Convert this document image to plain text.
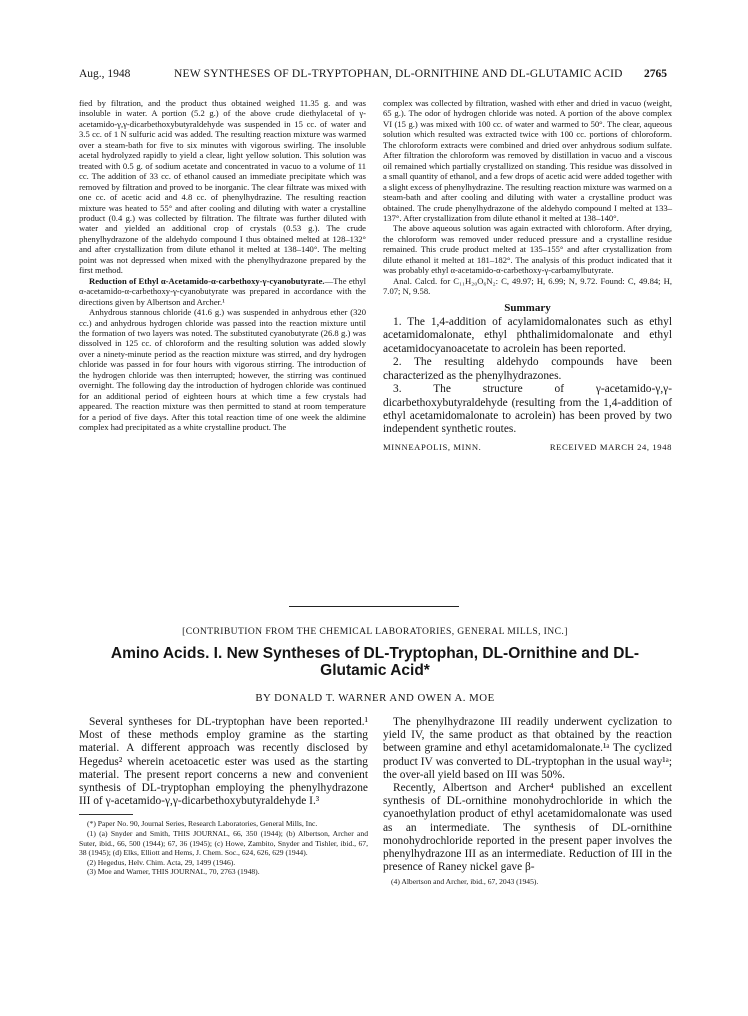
Aug., 1948	NEW SYNTHESES OF DL-TRYPTOPHAN, DL-ORNITHINE AND DL-GLUTAMIC ACID 2765

fied by filtration, and the product thus obtained weighed 11.35 g. and was insoluble in water. A portion (5.2 g.) of the above crude diethylacetal of γ-acetamido-γ,γ-dicarbethoxybutyraldehyde was suspended in 15 cc. of water and 3.5 cc. of 1 N sulfuric acid was added. The resulting reaction mixture was warmed over a steam-bath for five to six minutes with vigorous swirling. The insoluble acetal hydrolyzed rapidly to yield a clear, light yellow solution. This solution was treated with 0.5 g. of sodium acetate and concentrated in vacuo to a volume of 11 cc. The addition of 33 cc. of ethanol caused an immediate precipitate which was removed by filtration and proved to be inorganic. The clear filtrate was mixed with one cc. of acetic acid and 4.8 cc. of phenylhydrazine. The resulting reaction mixture was heated to 55° and after cooling and diluting with water a crystalline product (0.4 g.) was collected by filtration. The filtrate was further diluted with water and yielded an additional crop of crystals (0.53 g.). The crude phenylhydrazone of the aldehydo compound I thus obtained melted at 128–132° and after crystallization from dilute ethanol it melted at 138–140°. The melting point was not depressed when mixed with the phenylhydrazone prepared by the first method.

Reduction of Ethyl α-Acetamido-α-carbethoxy-γ-cyanobutyrate.—The ethyl α-acetamido-α-carbethoxy-γ-cyanobutyrate was prepared in accordance with the directions given by Albertson and Archer.¹

Anhydrous stannous chloride (41.6 g.) was suspended in anhydrous ether (320 cc.) and anhydrous hydrogen chloride was passed into the reaction mixture until the formation of two layers was noted. The substituted cyanobutyrate (26.8 g.) was dissolved in 125 cc. of chloroform and the resulting solution was added slowly over a ninety-minute period as the reaction mixture was stirred, and dry hydrogen chloride was passed in for four hours with vigorous stirring. The introduction of the hydrogen chloride was then interrupted; however, the stirring was continued overnight. The following day the introduction of hydrogen chloride was continued for an additional period of eighteen hours at which time a few crystals had appeared. The reaction mixture was then permitted to stand at room temperature for a period of five days. After this total reaction time of one week the aldimine complex had precipitated as a white crystalline product. The

complex was collected by filtration, washed with ether and dried in vacuo (weight, 65 g.). The odor of hydrogen chloride was noted. A portion of the above complex VI (15 g.) was mixed with 100 cc. of water and warmed to 50°. The clear, aqueous solution which resulted was extracted twice with 100 cc. portions of chloroform. The chloroform extracts were combined and dried over anhydrous sodium sulfate. After filtration the chloroform was removed by distillation in vacuo and a viscous oil remained which partially crystallized on standing. This residue was dissolved in a small quantity of ethanol, and a few drops of acetic acid were added together with a slight excess of phenylhydrazine. The resulting reaction mixture was warmed on a steam-bath and after cooling and diluting with water a crystalline product was obtained. The crude phenylhydrazone of the aldehydo compound I melted at 133–137°. After crystallization from dilute ethanol it melted at 138–140°.

The above aqueous solution was again extracted with chloroform. After drying, the chloroform was removed under reduced pressure and a crystalline residue remained. This crude product melted at 135–155° and after crystallization from dilute ethanol it melted at 181–182°. The analysis of this product indicated that it was probably ethyl α-acetamido-α-carbethoxy-γ-carbamylbutyrate.

Anal. Calcd. for C₁₁H₂₀O₆N₂: C, 49.97; H, 6.99; N, 9.72. Found: C, 49.84; H, 7.07; N, 9.58.

Summary

1. The 1,4-addition of acylamidomalonates such as ethyl acetamidomalonate, ethyl phthalimidomalonate and ethyl acetamidocyanoacetate to acrolein has been reported.

2. The resulting aldehydo compounds have been characterized as the phenylhydrazones.

3. The structure of γ-acetamido-γ,γ-dicarbethoxybutyraldehyde (resulting from the 1,4-addition of ethyl acetamidomalonate to acrolein) has been proved by two independent synthetic routes.

MINNEAPOLIS, MINN.	RECEIVED MARCH 24, 1948
[CONTRIBUTION FROM THE CHEMICAL LABORATORIES, GENERAL MILLS, INC.]
Amino Acids. I. New Syntheses of DL-Tryptophan, DL-Ornithine and DL-Glutamic Acid*
BY DONALD T. WARNER AND OWEN A. MOE

Several syntheses for DL-tryptophan have been reported.¹ Most of these methods employ gramine as the starting material. A different approach was recently disclosed by Hegedus² wherein acetoacetic ester was used as the starting material. The present report concerns a new and convenient synthesis of DL-tryptophan employing the phenylhydrazone III of γ-acetamido-γ,γ-dicarbethoxybutyraldehyde I.³

(*) Paper No. 90, Journal Series, Research Laboratories, General Mills, Inc.

(1) (a) Snyder and Smith, THIS JOURNAL, 66, 350 (1944); (b) Albertson, Archer and Suter, ibid., 66, 500 (1944); 67, 36 (1945); (c) Howe, Zambito, Snyder and Tishler, ibid., 67, 38 (1945); (d) Elks, Elliott and Hems, J. Chem. Soc., 624, 626, 629 (1944).

(2) Hegedus, Helv. Chim. Acta, 29, 1499 (1946).

(3) Moe and Warner, THIS JOURNAL, 70, 2763 (1948).

The phenylhydrazone III readily underwent cyclization to yield IV, the same product as that obtained by the reaction between gramine and ethyl acetamidomalonate.¹ᵃ The cyclized product IV was converted to DL-tryptophan in the usual way¹ᵃ; the over-all yield based on III was 50%.

Recently, Albertson and Archer⁴ published an excellent synthesis of DL-ornithine monohydrochloride in which the cyanoethylation product of ethyl acetamidomalonate was used as an intermediate. The synthesis of DL-ornithine monohydrochloride reported in the present paper involves the phenylhydrazone III as an intermediate. Reduction of III in the presence of Raney nickel gave β-

(4) Albertson and Archer, ibid., 67, 2043 (1945).
